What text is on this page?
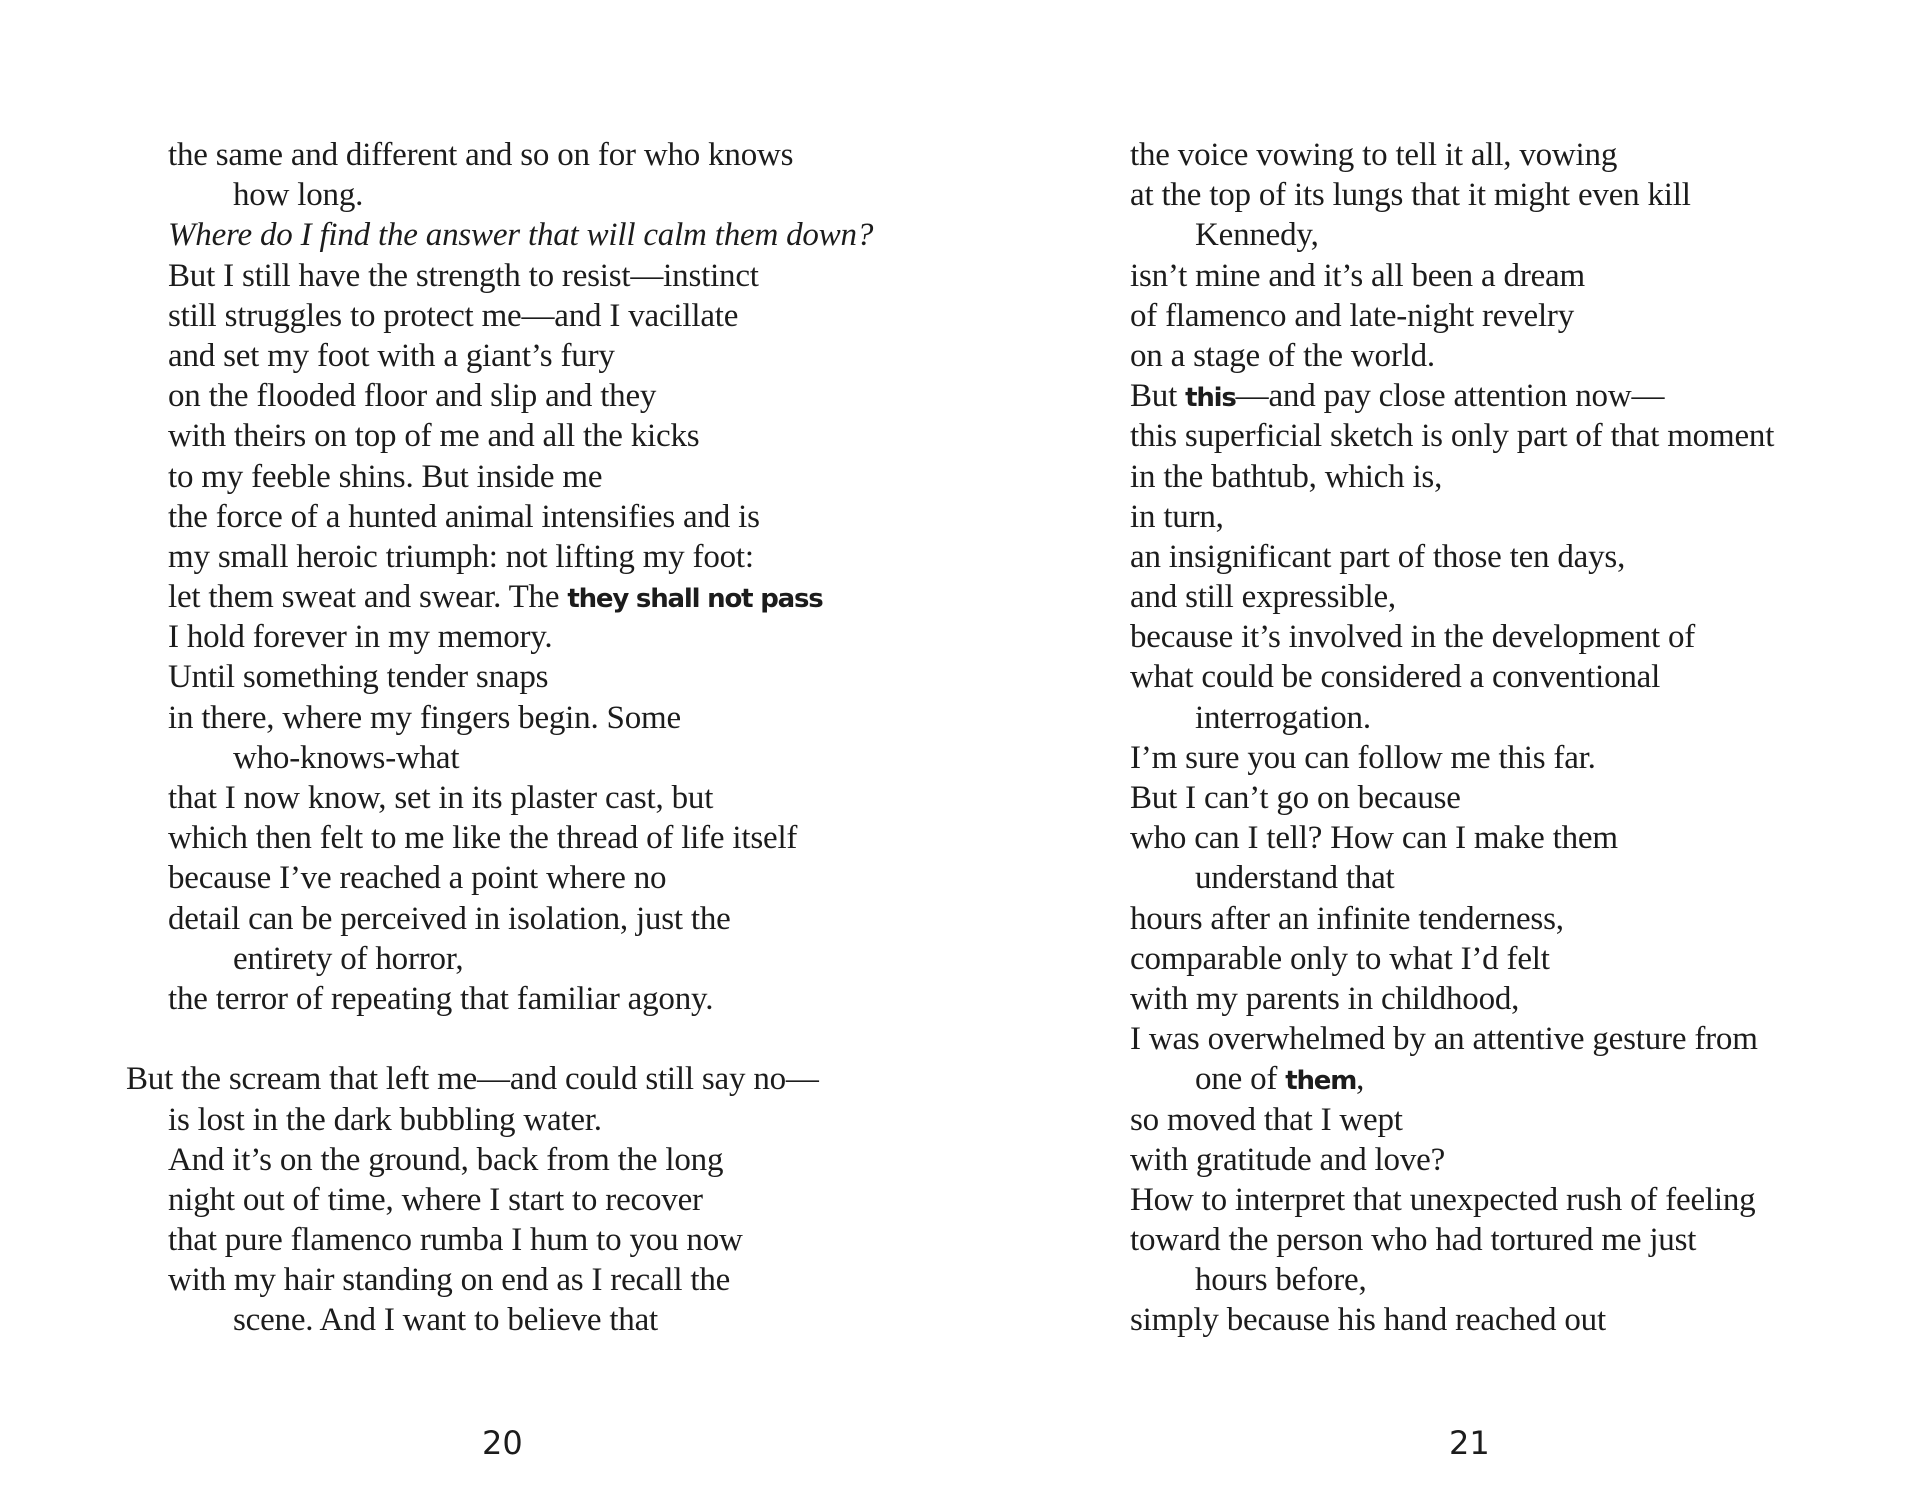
the same and different and so on for who knows
how long.
Where do I find the answer that will calm them down?
But I still have the strength to resist—instinct
still struggles to protect me—and I vacillate
and set my foot with a giant’s fury
on the flooded floor and slip and they
with theirs on top of me and all the kicks
to my feeble shins. But inside me
the force of a hunted animal intensifies and is
my small heroic triumph: not lifting my foot:
let them sweat and swear. The they shall not pass
I hold forever in my memory.
Until something tender snaps
in there, where my fingers begin. Some
who-knows-what
that I now know, set in its plaster cast, but
which then felt to me like the thread of life itself
because I’ve reached a point where no
detail can be perceived in isolation, just the
entirety of horror,
the terror of repeating that familiar agony.
But the scream that left me—and could still say no—
is lost in the dark bubbling water.
And it’s on the ground, back from the long
night out of time, where I start to recover
that pure flamenco rumba I hum to you now
with my hair standing on end as I recall the
scene. And I want to believe that
20
the voice vowing to tell it all, vowing
at the top of its lungs that it might even kill
Kennedy,
isn’t mine and it’s all been a dream
of flamenco and late-night revelry
on a stage of the world.
But this—and pay close attention now—
this superficial sketch is only part of that moment
in the bathtub, which is,
in turn,
an insignificant part of those ten days,
and still expressible,
because it’s involved in the development of
what could be considered a conventional
interrogation.
I’m sure you can follow me this far.
But I can’t go on because
who can I tell? How can I make them
understand that
hours after an infinite tenderness,
comparable only to what I’d felt
with my parents in childhood,
I was overwhelmed by an attentive gesture from
one of them,
so moved that I wept
with gratitude and love?
How to interpret that unexpected rush of feeling
toward the person who had tortured me just
hours before,
simply because his hand reached out
21
